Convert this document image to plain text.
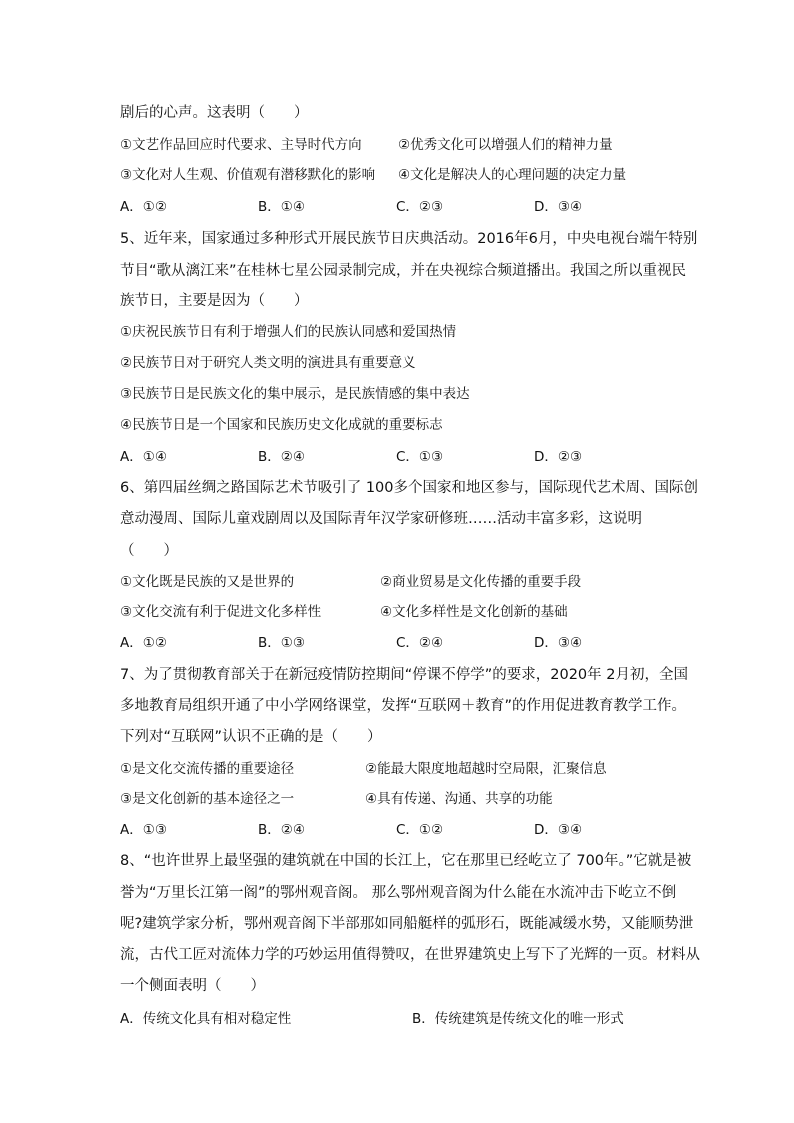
剧后的心声。这表明（　　）
①文艺作品回应时代要求、主导时代方向	②优秀文化可以增强人们的精神力量
③文化对人生观、价值观有潜移默化的影响 ④文化是解决人的心理问题的决定力量
A．①②	B．①④	C．②③	D．③④
5、近年来，国家通过多种形式开展民族节日庆典活动。2016年6月，中央电视台端午特别
节目“歌从漓江来”在桂林七星公园录制完成，并在央视综合频道播出。我国之所以重视民
族节日，主要是因为（　　）
①庆祝民族节日有利于增强人们的民族认同感和爱国热情
②民族节日对于研究人类文明的演进具有重要意义
③民族节日是民族文化的集中展示，是民族情感的集中表达
④民族节日是一个国家和民族历史文化成就的重要标志
A．①④	B．②④	C．①③	D．②③
6、第四届丝绸之路国际艺术节吸引了 100多个国家和地区参与，国际现代艺术周、国际创
意动漫周、国际儿童戏剧周以及国际青年汉学家研修班……活动丰富多彩，这说明
（　　）
①文化既是民族的又是世界的	②商业贸易是文化传播的重要手段
③文化交流有利于促进文化多样性	④文化多样性是文化创新的基础
A．①②	B．①③	C．②④	D．③④
7、为了贯彻教育部关于在新冠疫情防控期间“停课不停学”的要求，2020年 2月初，全国
多地教育局组织开通了中小学网络课堂，发挥“互联网＋教育”的作用促进教育教学工作。
下列对“互联网”认识不正确的是（　　）
①是文化交流传播的重要途径	②能最大限度地超越时空局限，汇聚信息
③是文化创新的基本途径之一	④具有传递、沟通、共享的功能
A．①③	B．②④	C．①②	D．③④
8、“也许世界上最坚强的建筑就在中国的长江上，它在那里已经屹立了 700年。”它就是被
誉为“万里长江第一阁”的鄂州观音阁。 那么鄂州观音阁为什么能在水流冲击下屹立不倒
呢?建筑学家分析，鄂州观音阁下半部那如同船艇样的弧形石，既能减缓水势，又能顺势泄
流，古代工匠对流体力学的巧妙运用值得赞叹，在世界建筑史上写下了光辉的一页。材料从
一个侧面表明（　　）
A．传统文化具有相对稳定性	B．传统建筑是传统文化的唯一形式
